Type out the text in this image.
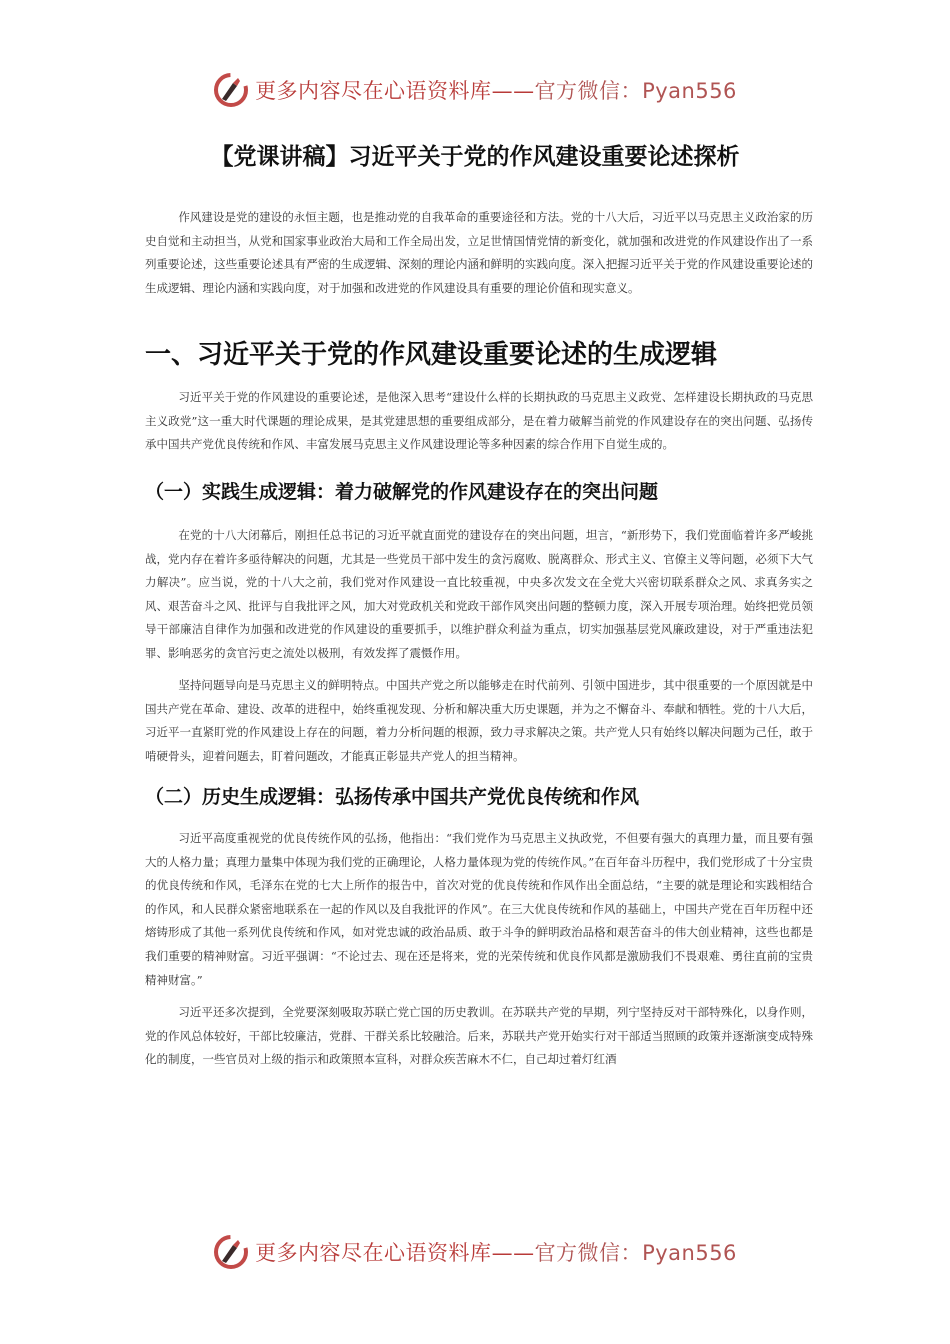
更多内容尽在心语资料库——官方微信：Pyan556
【党课讲稿】习近平关于党的作风建设重要论述探析

作风建设是党的建设的永恒主题，也是推动党的自我革命的重要途径和方法。党的十八大后，习近平以马克思主义政治家的历史自觉和主动担当，从党和国家事业政治大局和工作全局出发，立足世情国情党情的新变化，就加强和改进党的作风建设作出了一系列重要论述，这些重要论述具有严密的生成逻辑、深刻的理论内涵和鲜明的实践向度。深入把握习近平关于党的作风建设重要论述的生成逻辑、理论内涵和实践向度，对于加强和改进党的作风建设具有重要的理论价值和现实意义。

一、习近平关于党的作风建设重要论述的生成逻辑

习近平关于党的作风建设的重要论述，是他深入思考“建设什么样的长期执政的马克思主义政党、怎样建设长期执政的马克思主义政党”这一重大时代课题的理论成果，是其党建思想的重要组成部分，是在着力破解当前党的作风建设存在的突出问题、弘扬传承中国共产党优良传统和作风、丰富发展马克思主义作风建设理论等多种因素的综合作用下自觉生成的。

（一）实践生成逻辑：着力破解党的作风建设存在的突出问题

在党的十八大闭幕后，刚担任总书记的习近平就直面党的建设存在的突出问题，坦言，“新形势下，我们党面临着许多严峻挑战，党内存在着许多亟待解决的问题，尤其是一些党员干部中发生的贪污腐败、脱离群众、形式主义、官僚主义等问题，必须下大气力解决”。应当说，党的十八大之前，我们党对作风建设一直比较重视，中央多次发文在全党大兴密切联系群众之风、求真务实之风、艰苦奋斗之风、批评与自我批评之风，加大对党政机关和党政干部作风突出问题的整顿力度，深入开展专项治理。始终把党员领导干部廉洁自律作为加强和改进党的作风建设的重要抓手，以维护群众利益为重点，切实加强基层党风廉政建设，对于严重违法犯罪、影响恶劣的贪官污吏之流处以极刑，有效发挥了震慑作用。

坚持问题导向是马克思主义的鲜明特点。中国共产党之所以能够走在时代前列、引领中国进步，其中很重要的一个原因就是中国共产党在革命、建设、改革的进程中，始终重视发现、分析和解决重大历史课题，并为之不懈奋斗、奉献和牺牲。党的十八大后，习近平一直紧盯党的作风建设上存在的问题，着力分析问题的根源，致力寻求解决之策。共产党人只有始终以解决问题为己任，敢于啃硬骨头，迎着问题去，盯着问题改，才能真正彰显共产党人的担当精神。

（二）历史生成逻辑：弘扬传承中国共产党优良传统和作风

习近平高度重视党的优良传统作风的弘扬，他指出：“我们党作为马克思主义执政党，不但要有强大的真理力量，而且要有强大的人格力量；真理力量集中体现为我们党的正确理论，人格力量体现为党的传统作风。”在百年奋斗历程中，我们党形成了十分宝贵的优良传统和作风，毛泽东在党的七大上所作的报告中，首次对党的优良传统和作风作出全面总结，“主要的就是理论和实践相结合的作风，和人民群众紧密地联系在一起的作风以及自我批评的作风”。在三大优良传统和作风的基础上，中国共产党在百年历程中还熔铸形成了其他一系列优良传统和作风，如对党忠诚的政治品质、敢于斗争的鲜明政治品格和艰苦奋斗的伟大创业精神，这些也都是我们重要的精神财富。习近平强调：“不论过去、现在还是将来，党的光荣传统和优良作风都是激励我们不畏艰难、勇往直前的宝贵精神财富。”

习近平还多次提到，全党要深刻吸取苏联亡党亡国的历史教训。在苏联共产党的早期，列宁坚持反对干部特殊化，以身作则，党的作风总体较好，干部比较廉洁，党群、干群关系比较融洽。后来，苏联共产党开始实行对干部适当照顾的政策并逐渐演变成特殊化的制度，一些官员对上级的指示和政策照本宣科，对群众疾苦麻木不仁，自己却过着灯红酒

更多内容尽在心语资料库——官方微信：Pyan556
